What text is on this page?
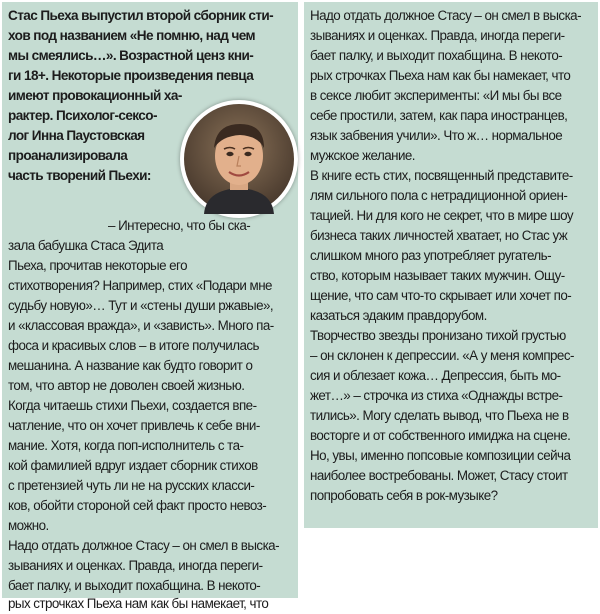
Стас Пьеха выпустил второй сборник сти-
хов под названием «Не помню, над чем
мы смеялись…». Возрастной ценз кни-
ги 18+. Некоторые произведения певца
имеют провокационный ха-
рактер. Психолог-сексо-
лог Инна Паустовская
проанализировала
часть творений Пьехи:
– Интересно, что бы ска-
зала бабушка Стаса Эдита
Пьеха, прочитав некоторые его
стихотворения? Например, стих «Подари мне
судьбу новую»… Тут и «стены души ржавые»,
и «классовая вражда», и «зависть». Много па-
фоса и красивых слов – в итоге получилась
мешанина. А название как будто говорит о
том, что автор не доволен своей жизнью.
Когда читаешь стихи Пьехи, создается впе-
чатление, что он хочет привлечь к себе вни-
мание. Хотя, когда поп-исполнитель с та-
кой фамилией вдруг издает сборник стихов
с претензией чуть ли не на русских класси-
ков, обойти стороной сей факт просто невоз-
можно.
Надо отдать должное Стасу – он смел в выска-
зываниях и оценках. Правда, иногда переги-
бает палку, и выходит похабщина. В некото-
рых строчках Пьеха нам как бы намекает, что
Надо отдать должное Стасу – он смел в выска-
зываниях и оценках. Правда, иногда переги-
бает палку, и выходит похабщина. В некото-
рых строчках Пьеха нам как бы намекает, что
в сексе любит эксперименты: «И мы бы все
себе простили, затем, как пара иностранцев,
язык забвения учили». Что ж… нормальное
мужское желание.
В книге есть стих, посвященный представите-
лям сильного пола с нетрадиционной ориен-
тацией. Ни для кого не секрет, что в мире шоу
бизнеса таких личностей хватает, но Стас уж
слишком много раз употребляет ругатель-
ство, которым называет таких мужчин. Ощу-
щение, что сам что-то скрывает или хочет по-
казаться эдаким правдорубом.
Творчество звезды пронизано тихой грустью
– он склонен к депрессии. «А у меня компрес-
сия и облезает кожа… Депрессия, быть мо-
жет…» – строчка из стиха «Однажды встре-
тились». Могу сделать вывод, что Пьеха не в
восторге и от собственного имиджа на сцене.
Но, увы, именно попсовые композиции сейча
наиболее востребованы. Может, Стасу стоит
попробовать себя в рок-музыке?
